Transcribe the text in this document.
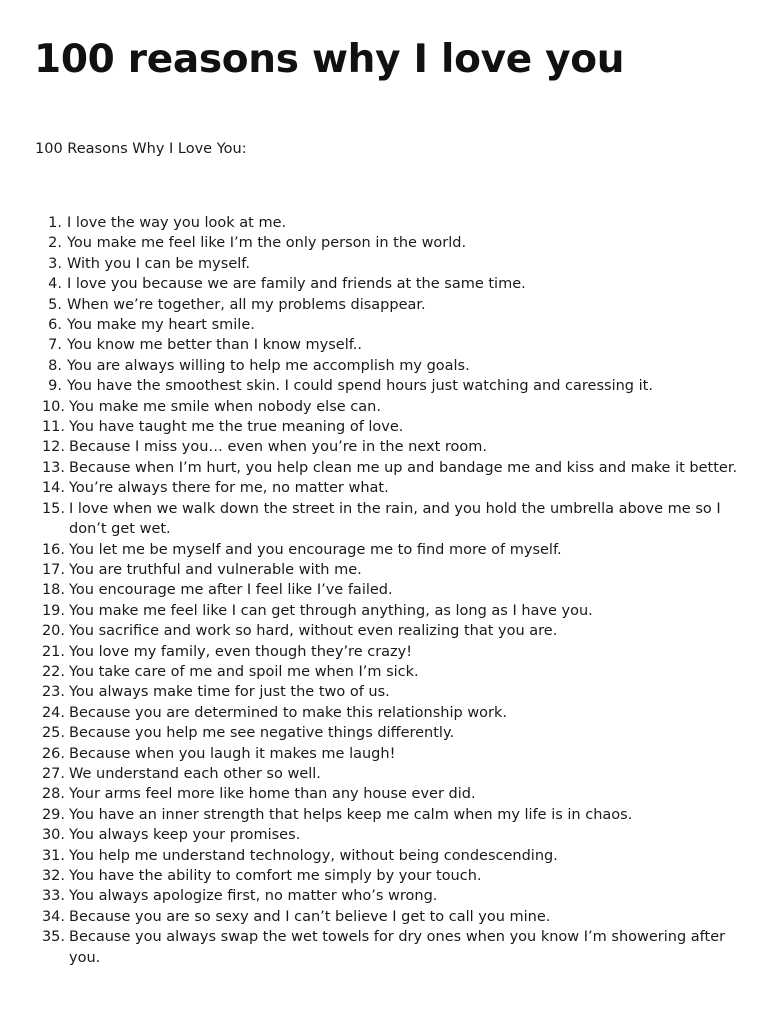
100 reasons why I love you

100 Reasons Why I Love You:

1. I love the way you look at me.
2. You make me feel like I’m the only person in the world.
3. With you I can be myself.
4. I love you because we are family and friends at the same time.
5. When we’re together, all my problems disappear.
6. You make my heart smile.
7. You know me better than I know myself..
8. You are always willing to help me accomplish my goals.
9. You have the smoothest skin. I could spend hours just watching and caressing it.
10. You make me smile when nobody else can.
11. You have taught me the true meaning of love.
12. Because I miss you… even when you’re in the next room.
13. Because when I’m hurt, you help clean me up and bandage me and kiss and make it better.
14. You’re always there for me, no matter what.
15. I love when we walk down the street in the rain, and you hold the umbrella above me so I don’t get wet.
16. You let me be myself and you encourage me to find more of myself.
17. You are truthful and vulnerable with me.
18. You encourage me after I feel like I’ve failed.
19. You make me feel like I can get through anything, as long as I have you.
20. You sacrifice and work so hard, without even realizing that you are.
21. You love my family, even though they’re crazy!
22. You take care of me and spoil me when I’m sick.
23. You always make time for just the two of us.
24. Because you are determined to make this relationship work.
25. Because you help me see negative things differently.
26. Because when you laugh it makes me laugh!
27. We understand each other so well.
28. Your arms feel more like home than any house ever did.
29. You have an inner strength that helps keep me calm when my life is in chaos.
30. You always keep your promises.
31. You help me understand technology, without being condescending.
32. You have the ability to comfort me simply by your touch.
33. You always apologize first, no matter who’s wrong.
34. Because you are so sexy and I can’t believe I get to call you mine.
35. Because you always swap the wet towels for dry ones when you know I’m showering after you.
